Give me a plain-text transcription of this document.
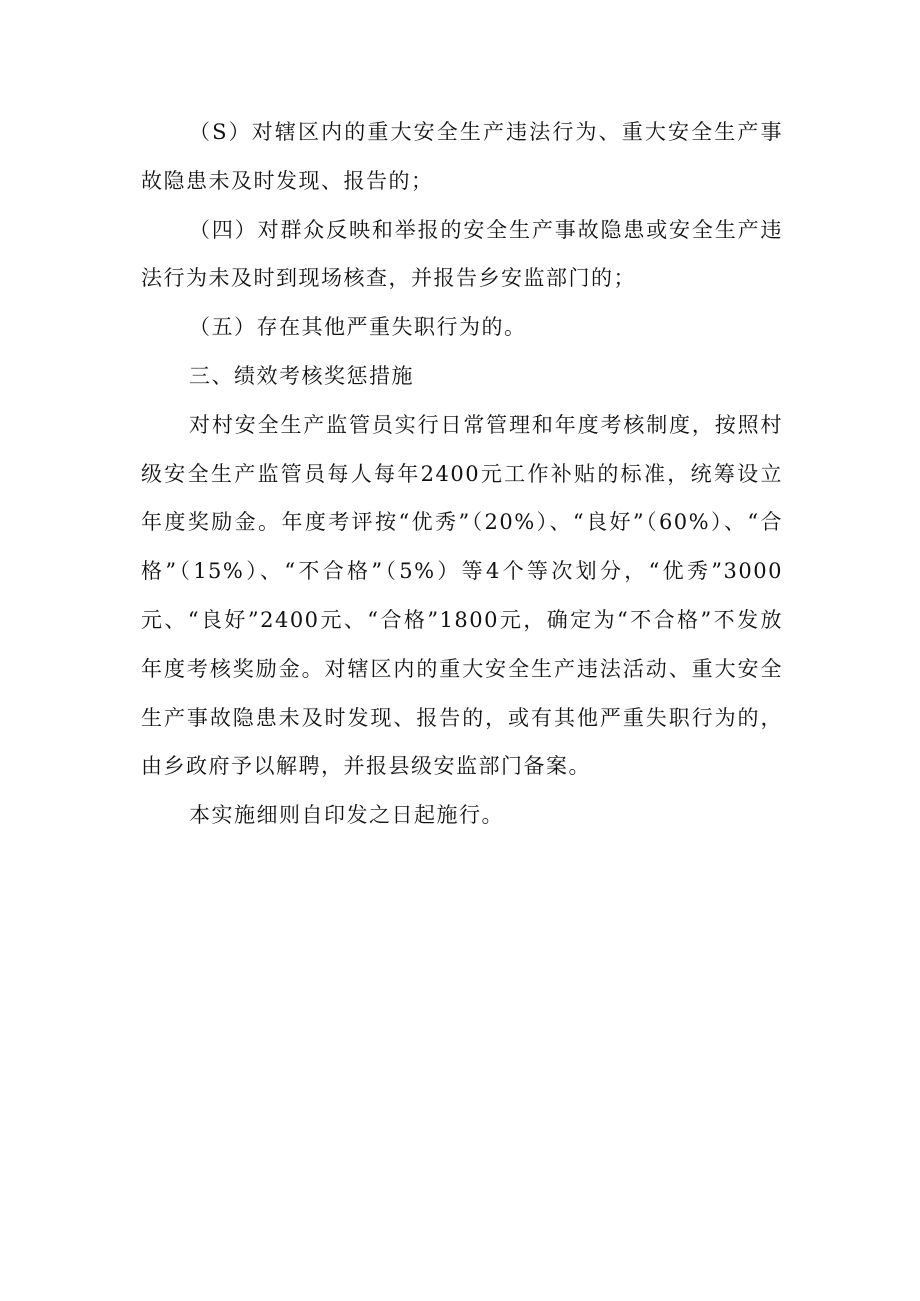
（S）对辖区内的重大安全生产违法行为、重大安全生产事故隐患未及时发现、报告的；

（四）对群众反映和举报的安全生产事故隐患或安全生产违法行为未及时到现场核查，并报告乡安监部门的；

（五）存在其他严重失职行为的。

三、绩效考核奖惩措施

对村安全生产监管员实行日常管理和年度考核制度，按照村级安全生产监管员每人每年2400元工作补贴的标准，统筹设立年度奖励金。年度考评按“优秀”（20%）、“良好”（60%）、“合格”（15%）、“不合格”（5%）等4个等次划分，“优秀”3000元、“良好”2400元、“合格”1800元，确定为“不合格”不发放年度考核奖励金。对辖区内的重大安全生产违法活动、重大安全生产事故隐患未及时发现、报告的，或有其他严重失职行为的，由乡政府予以解聘，并报县级安监部门备案。

本实施细则自印发之日起施行。
